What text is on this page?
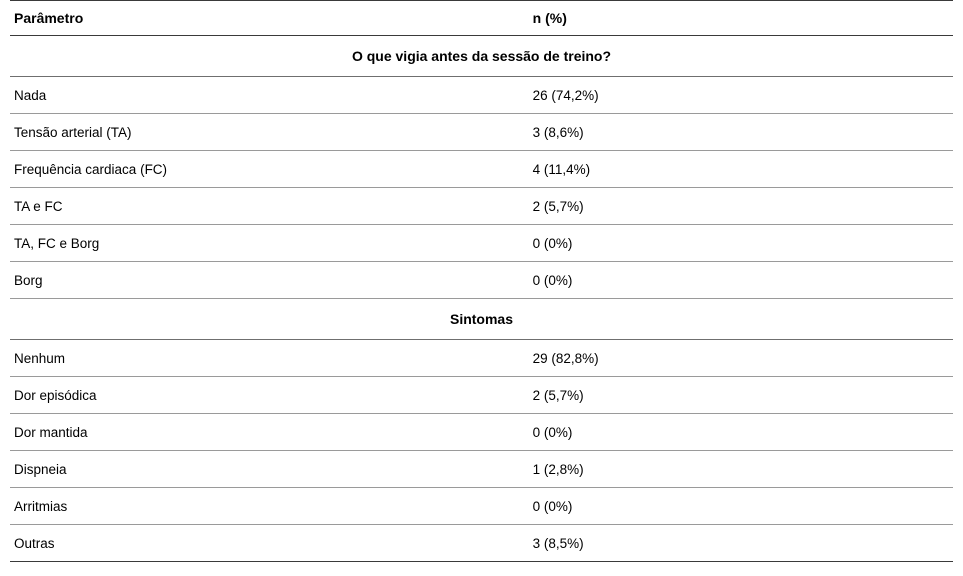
Parâmetro	n (%)
O que vigia antes da sessão de treino?	
Nada	26 (74,2%)
Tensão arterial (TA)	3 (8,6%)
Frequência cardiaca (FC)	4 (11,4%)
TA e FC	2 (5,7%)
TA, FC e Borg	0 (0%)
Borg	0 (0%)
Sintomas	
Nenhum	29 (82,8%)
Dor episódica	2 (5,7%)
Dor mantida	0 (0%)
Dispneia	1 (2,8%)
Arritmias	0 (0%)
Outras	3 (8,5%)
